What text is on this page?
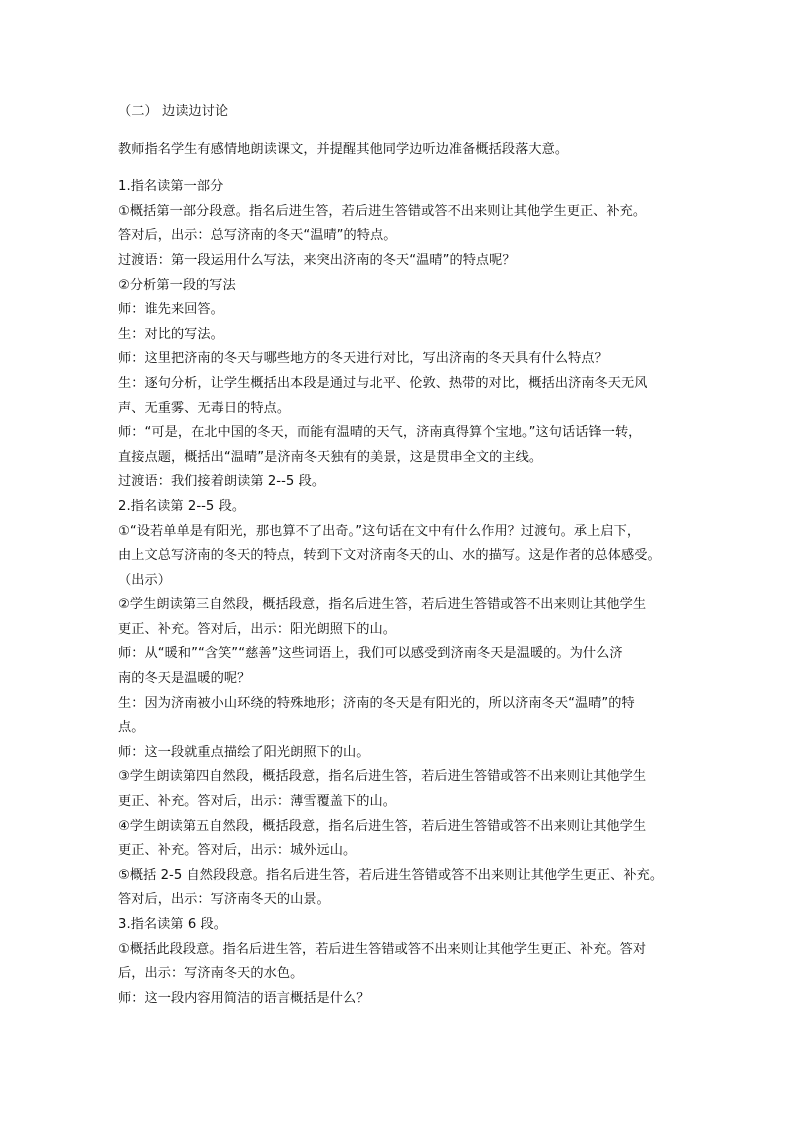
（二） 边读边讨论
教师指名学生有感情地朗读课文，并提醒其他同学边听边准备概括段落大意。
1.指名读第一部分
①概括第一部分段意。指名后进生答，若后进生答错或答不出来则让其他学生更正、补充。
答对后，出示：总写济南的冬天“温晴”的特点。
过渡语：第一段运用什么写法，来突出济南的冬天“温晴”的特点呢？
②分析第一段的写法
师：谁先来回答。
生：对比的写法。
师：这里把济南的冬天与哪些地方的冬天进行对比，写出济南的冬天具有什么特点？
生：逐句分析，让学生概括出本段是通过与北平、伦敦、热带的对比，概括出济南冬天无风
声、无重雾、无毒日的特点。
师：“可是，在北中国的冬天，而能有温晴的天气，济南真得算个宝地。”这句话话锋一转，
直接点题，概括出“温晴”是济南冬天独有的美景，这是贯串全文的主线。
过渡语：我们接着朗读第 2--5 段。
2.指名读第 2--5 段。
①“设若单单是有阳光，那也算不了出奇。”这句话在文中有什么作用？过渡句。承上启下，
由上文总写济南的冬天的特点，转到下文对济南冬天的山、水的描写。这是作者的总体感受。
（出示）
②学生朗读第三自然段，概括段意，指名后进生答，若后进生答错或答不出来则让其他学生
更正、补充。答对后，出示：阳光朗照下的山。
师：从“暖和”“含笑”“慈善”这些词语上，我们可以感受到济南冬天是温暖的。为什么济
南的冬天是温暖的呢？
生：因为济南被小山环绕的特殊地形；济南的冬天是有阳光的，所以济南冬天“温晴”的特
点。
师：这一段就重点描绘了阳光朗照下的山。
③学生朗读第四自然段，概括段意，指名后进生答，若后进生答错或答不出来则让其他学生
更正、补充。答对后，出示：薄雪覆盖下的山。
④学生朗读第五自然段，概括段意，指名后进生答，若后进生答错或答不出来则让其他学生
更正、补充。答对后，出示：城外远山。
⑤概括 2-5 自然段段意。指名后进生答，若后进生答错或答不出来则让其他学生更正、补充。
答对后，出示：写济南冬天的山景。
3.指名读第 6 段。
①概括此段段意。指名后进生答，若后进生答错或答不出来则让其他学生更正、补充。答对
后，出示：写济南冬天的水色。
师：这一段内容用简洁的语言概括是什么？
